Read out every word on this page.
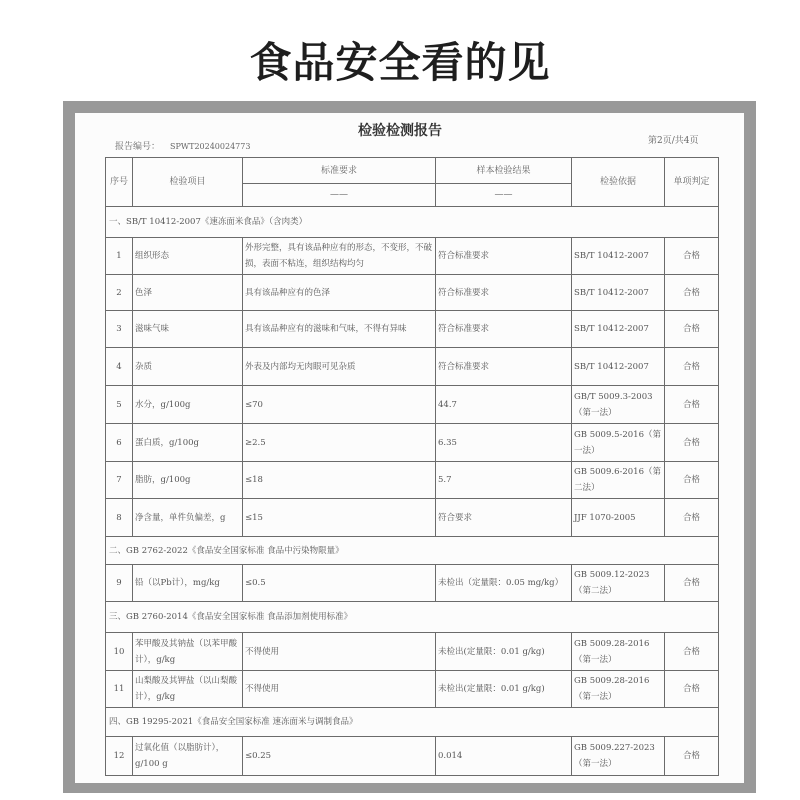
食品安全看的见
检验检测报告
报告编号： SPWT20240024773
第2页/共4页
序号	检验项目	标准要求	样本检验结果	检验依据	单项判定
		——	——		
一、SB/T 10412-2007《速冻面米食品》（含肉类）					
1	组织形态	外形完整，具有该品种应有的形态，不变形，不破损，表面不粘连，组织结构均匀	符合标准要求	SB/T 10412-2007	合格
2	色泽	具有该品种应有的色泽	符合标准要求	SB/T 10412-2007	合格
3	滋味气味	具有该品种应有的滋味和气味，不得有异味	符合标准要求	SB/T 10412-2007	合格
4	杂质	外表及内部均无肉眼可见杂质	符合标准要求	SB/T 10412-2007	合格
5	水分，g/100g	≤70	44.7	GB/T 5009.3-2003（第一法）	合格
6	蛋白质，g/100g	≥2.5	6.35	GB 5009.5-2016（第一法）	合格
7	脂肪，g/100g	≤18	5.7	GB 5009.6-2016（第二法）	合格
8	净含量，单件负偏差，g	≤15	符合要求	JJF 1070-2005	合格
二、GB 2762-2022《食品安全国家标准 食品中污染物限量》					
9	铅（以Pb计），mg/kg	≤0.5	未检出（定量限：0.05 mg/kg）	GB 5009.12-2023（第二法）	合格
三、GB 2760-2014《食品安全国家标准 食品添加剂使用标准》					
10	苯甲酸及其钠盐（以苯甲酸计），g/kg	不得使用	未检出(定量限：0.01 g/kg)	GB 5009.28-2016（第一法）	合格
11	山梨酸及其钾盐（以山梨酸计），g/kg	不得使用	未检出(定量限：0.01 g/kg)	GB 5009.28-2016（第一法）	合格
四、GB 19295-2021《食品安全国家标准 速冻面米与调制食品》					
12	过氧化值（以脂肪计），g/100 g	≤0.25	0.014	GB 5009.227-2023（第一法）	合格
